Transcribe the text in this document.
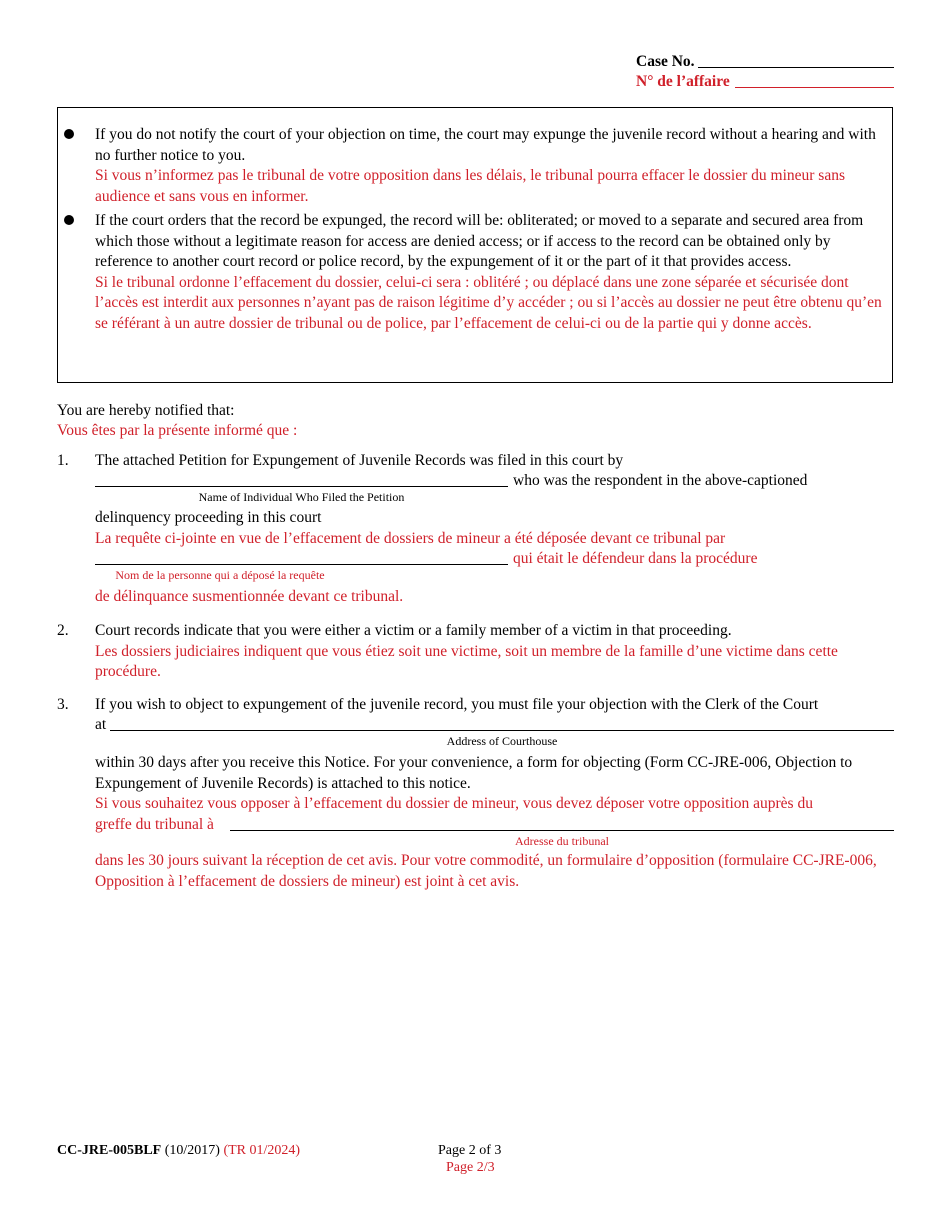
Case No.
N° de l’affaire
If you do not notify the court of your objection on time, the court may expunge the juvenile record without a hearing and with no further notice to you.
Si vous n’informez pas le tribunal de votre opposition dans les délais, le tribunal pourra effacer le dossier du mineur sans audience et sans vous en informer.
If the court orders that the record be expunged, the record will be: obliterated; or moved to a separate and secured area from which those without a legitimate reason for access are denied access; or if access to the record can be obtained only by reference to another court record or police record, by the expungement of it or the part of it that provides access.
Si le tribunal ordonne l’effacement du dossier, celui-ci sera : oblitéré ; ou déplacé dans une zone séparée et sécurisée dont l’accès est interdit aux personnes n’ayant pas de raison légitime d’y accéder ; ou si l’accès au dossier ne peut être obtenu qu’en se référant à un autre dossier de tribunal ou de police, par l’effacement de celui-ci ou de la partie qui y donne accès.
You are hereby notified that:
Vous êtes par la présente informé que :
1. The attached Petition for Expungement of Juvenile Records was filed in this court by
who was the respondent in the above-captioned
Name of Individual Who Filed the Petition
delinquency proceeding in this court
La requête ci-jointe en vue de l’effacement de dossiers de mineur a été déposée devant ce tribunal par
qui était le défendeur dans la procédure
Nom de la personne qui a déposé la requête
de délinquance susmentionnée devant ce tribunal.
2. Court records indicate that you were either a victim or a family member of a victim in that proceeding.
Les dossiers judiciaires indiquent que vous étiez soit une victime, soit un membre de la famille d’une victime dans cette procédure.
3. If you wish to object to expungement of the juvenile record, you must file your objection with the Clerk of the Court
at
Address of Courthouse
within 30 days after you receive this Notice. For your convenience, a form for objecting (Form CC-JRE-006, Objection to Expungement of Juvenile Records) is attached to this notice.
Si vous souhaitez vous opposer à l’effacement du dossier de mineur, vous devez déposer votre opposition auprès du
greffe du tribunal à
Adresse du tribunal
dans les 30 jours suivant la réception de cet avis. Pour votre commodité, un formulaire d’opposition (formulaire CC-JRE-006, Opposition à l’effacement de dossiers de mineur) est joint à cet avis.
CC-JRE-005BLF (10/2017) (TR 01/2024)	Page 2 of 3
Page 2/3
